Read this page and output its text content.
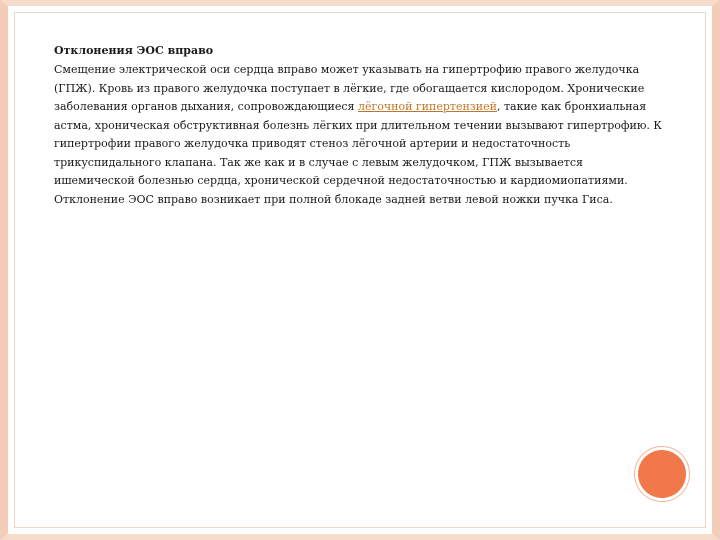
Отклонения ЭОС вправо

Смещение электрической оси сердца вправо может указывать на гипертрофию правого желудочка (ГПЖ). Кровь из правого желудочка поступает в лёгкие, где обогащается кислородом. Хронические заболевания органов дыхания, сопровождающиеся лёгочной гипертензией, такие как бронхиальная астма, хроническая обструктивная болезнь лёгких при длительном течении вызывают гипертрофию. К гипертрофии правого желудочка приводят стеноз лёгочной артерии и недостаточность трикуспидального клапана. Так же как и в случае с левым желудочком, ГПЖ вызывается ишемической болезнью сердца, хронической сердечной недостаточностью и кардиомиопатиями. Отклонение ЭОС вправо возникает при полной блокаде задней ветви левой ножки пучка Гиса.
